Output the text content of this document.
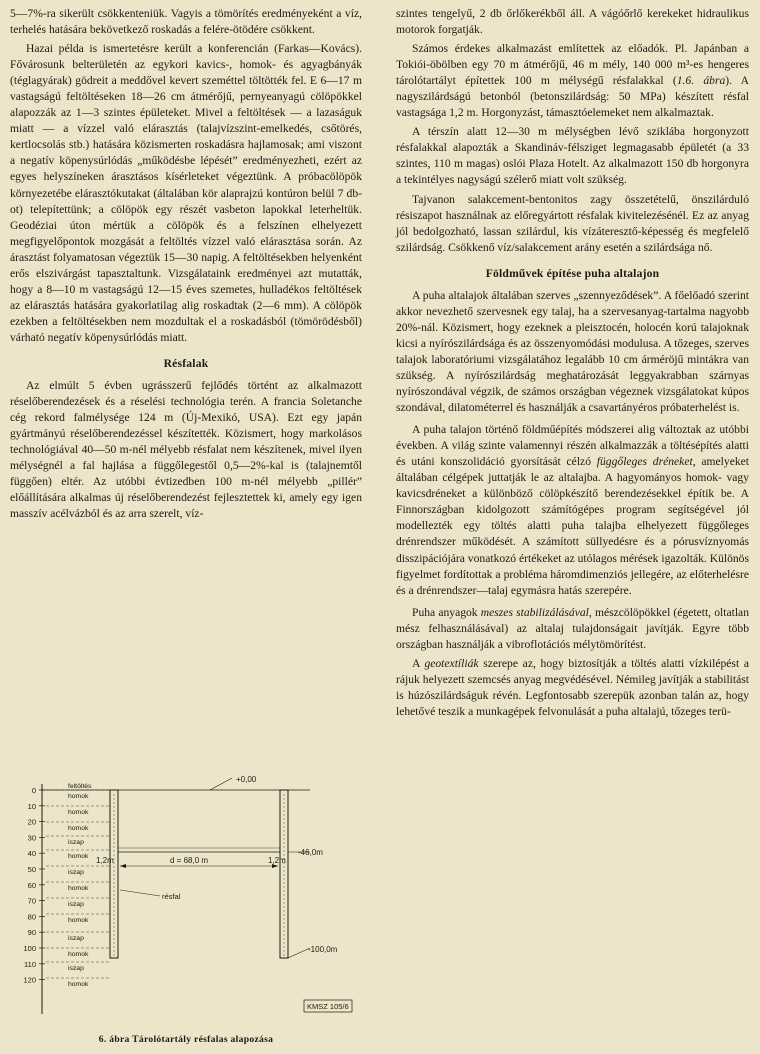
5—7%-ra sikerült csökkenteniük. Vagyis a tömörítés eredményeként a víz, terhelés hatására bekövetkező roskadás a felére-ötödére csökkent.

Hazai példa is ismertetésre került a konferencián (Farkas—Kovács). Fővárosunk belterületén az egykori kavics-, homok- és agyagbányák (téglagyárak) gödreit a meddővel kevert szeméttel töltötték fel. E 6—17 m vastagságú feltöltéseken 18—26 cm átmérőjű, pernyeanyagú cölöpökkel alapozzák az 1—3 szintes épületeket. Mivel a feltöltések — a lazaságuk miatt — a vízzel való elárasztás (talajvízszint-emelkedés, csőtörés, kertlocsolás stb.) hatására közismerten roskadásra hajlamosak; ami viszont a negatív köpenysúrlódás „működésbe lépését” eredményezheti, ezért az egyes helyszíneken árasztásos kísérleteket végeztünk. A próbacölöpök környezetébe elárasztókutakat (általában kör alaprajzú kontúron belül 7 db-ot) telepítettünk; a cölöpök egy részét vasbeton lapokkal leterheltük. Geodéziai úton mértük a cölöpök és a felszínen elhelyezett megfigyelőpontok mozgását a feltöltés vízzel való elárasztása során. Az árasztást folyamatosan végeztük 15—30 napig. A feltöltésekben helyenként erős elszivárgást tapasztaltunk. Vizsgálataink eredményei azt mutatták, hogy a 8—10 m vastagságú 12—15 éves szemetes, hulladékos feltöltések az elárasztás hatására gyakorlatilag alig roskadtak (2—6 mm). A cölöpök ezekben a feltöltésekben nem mozdultak el a roskadásból (tömörödésből) várható negatív köpenysúrlódás miatt.

Résfalak

Az elmúlt 5 évben ugrásszerű fejlődés történt az alkalmazott réselőberendezések és a réselési technológia terén. A francia Soletanche cég rekord falmélysége 124 m (Új-Mexikó, USA). Ezt egy japán gyártmányú réselőberendezéssel készítették. Közismert, hogy markolásos technológiával 40—50 m-nél mélyebb résfalat nem készítenek, mivel ilyen mélységnél a fal hajlása a függőlegestől 0,5—2%-kal is (talajnemtől függően) eltér. Az utóbbi évtizedben 100 m-nél mélyebb „pillér” előállítására alkalmas új réselőberendezést fejlesztettek ki, amely egy igen masszív acélvázból és az arra szerelt, víz-

szintes tengelyű, 2 db őrlőkerékből áll. A vágóőrlő kerekeket hidraulikus motorok forgatják.

Számos érdekes alkalmazást említettek az előadók. Pl. Japánban a Tokiói-öbölben egy 70 m átmérőjű, 46 m mély, 140 000 m³-es hengeres tárolótartályt építettek 100 m mélységű résfalakkal (1.6. ábra). A nagyszilárdságú betonból (betonszilárdság: 50 MPa) készített résfal vastagsága 1,2 m. Horgonyzást, támasztóelemeket nem alkalmaztak.

A térszín alatt 12—30 m mélységben lévő sziklába horgonyzott résfalakkal alapozták a Skandináv-félsziget legmagasabb épületét (a 33 szintes, 110 m magas) oslói Plaza Hotelt. Az alkalmazott 150 db horgonyra a tekintélyes nagyságú szélerő miatt volt szükség.

Tajvanon salakcement-bentonitos zagy összetételű, önszilárduló résiszapot használnak az előregyártott résfalak kivitelezésénél. Ez az anyag jól bedolgozható, lassan szilárdul, kis vízáteresztő-képesség és megfelelő szilárdság. Csökkenő víz/salakcement arány esetén a szilárdsága nő.

Földművek építése puha altalajon

A puha altalajok általában szerves „szennyeződések”. A főelőadó szerint akkor nevezhető szervesnek egy talaj, ha a szervesanyag-tartalma nagyobb 20%-nál. Közismert, hogy ezeknek a pleisztocén, holocén korú talajoknak kicsi a nyírószilárdsága és az összenyomódási modulusa. A tőzeges, szerves talajok laboratóriumi vizsgálatához legalább 10 cm árméröjű mintákra van szükség. A nyírószilárdság meghatározását leggyakrabban szárnyas nyírószondával végzik, de számos országban végeznek vizsgálatokat kúpos szondával, dilatométerrel és használják a csavartányéros próbaterhelést is.

A puha talajon történő földműépítés módszerei alig változtak az utóbbi években. A világ szinte valamennyi részén alkalmazzák a töltésépítés alatti és utáni konszolidáció gyorsítását célzó függőleges dréneket, amelyeket általában célgépek juttatják le az altalajba. A hagyományos homok- vagy kavicsdréneket a különböző cölöpkészítő berendezésekkel építik be. A Finnországban kidolgozott számítógépes program segítségével jól modellezték egy töltés alatti puha talajba elhelyezett függőleges drénrendszer működését. A számított süllyedésre és a pórusvíznyomás disszipációjára vonatkozó értékeket az utólagos mérések igazolták. Különös figyelmet fordítottak a probléma háromdimenziós jellegére, az előterhelésre és a drénrendszer—talaj egymásra hatás szerepére.

Puha anyagok meszes stabilizálásával, mészcölöpökkel (égetett, oltatlan mész felhasználásával) az altalaj tulajdonságait javítják. Egyre több országban használják a vibroflotációs mélytömörítést.

A geotextíliák szerepe az, hogy biztosítják a töltés alatti vízkilépést a rájuk helyezett szemcsés anyag megvédésével. Némileg javítják a stabilitást is húzószilárdságuk révén. Legfontosabb szerepük azonban talán az, hogy lehetővé teszik a munkagépek felvonulását a puha altalajú, tőzeges terü-

0
10
20
30
40
50
60
70
80
90
100
110
120
feltöltés
homok
homok
homok
iszap
homok
iszap
homok
iszap
homok
iszap
homok
iszap
homok
+0,00
-46,0m
d = 68,0 m
1,2m	1,2m
résfal
-100,0m
KMSZ 105/6
6. ábra Tárolótartály résfalas alapozása
